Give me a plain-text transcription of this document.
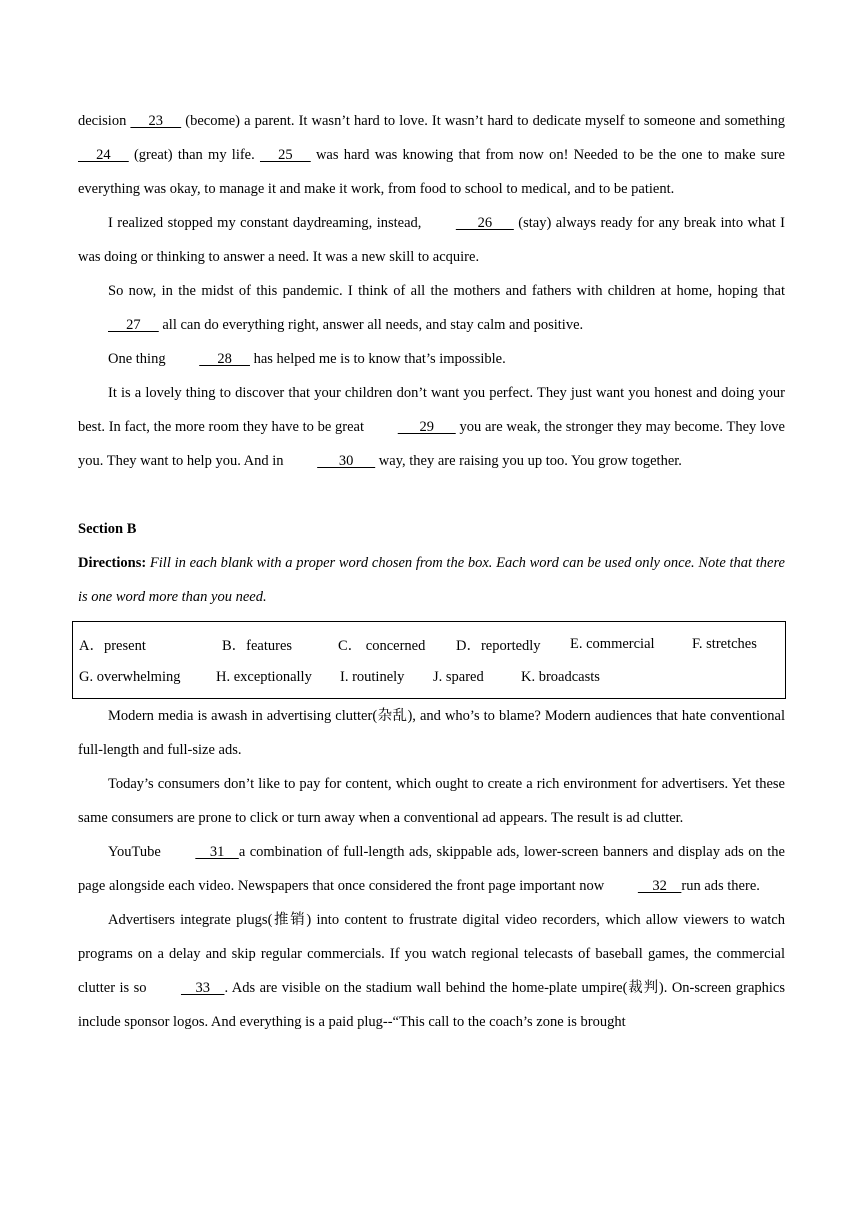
decision      23      (become) a parent. It wasn’t hard to love. It wasn’t hard to dedicate myself to someone and something      24      (great) than my life.      25      was hard was knowing that from now on! Needed to be the one to make sure everything was okay, to manage it and make it work, from food to school to medical, and to be patient.

I realized stopped my constant daydreaming, instead,       26       (stay) always ready for any break into what I was doing or thinking to answer a need. It was a new skill to acquire.

So now, in the midst of this pandemic. I think of all the mothers and fathers with children at home, hoping that      27      all can do everything right, answer all needs, and stay calm and positive.

One thing      28      has helped me is to know that’s impossible.

It is a lovely thing to discover that your children don’t want you perfect. They just want you honest and doing your best. In fact, the more room they have to be great       29       you are weak, the stronger they may become. They love you. They want to help you. And in       30       way, they are raising you up too. You grow together.

Section B

Directions: Fill in each blank with a proper word chosen from the box. Each word can be used only once. Note that there is one word more than you need.

A．present	B．features	C． concerned	D．reportedly	E. commercial	F. stretches
G. overwhelming	H. exceptionally	I. routinely	J. spared	K. broadcasts

Modern media is awash in advertising clutter(杂乱), and who’s to blame? Modern audiences that hate conventional full-length and full-size ads.

Today’s consumers don’t like to pay for content, which ought to create a rich environment for advertisers. Yet these same consumers are prone to click or turn away when a conventional ad appears. The result is ad clutter.

YouTube     31    a combination of full-length ads, skippable ads, lower-screen banners and display ads on the page alongside each video. Newspapers that once considered the front page important now     32    run ads there.

Advertisers integrate plugs(推销) into content to frustrate digital video recorders, which allow viewers to watch programs on a delay and skip regular commercials. If you watch regional telecasts of baseball games, the commercial clutter is so     33    . Ads are visible on the stadium wall behind the home-plate umpire(裁判). On-screen graphics include sponsor logos. And everything is a paid plug--“This call to the coach’s zone is brought
